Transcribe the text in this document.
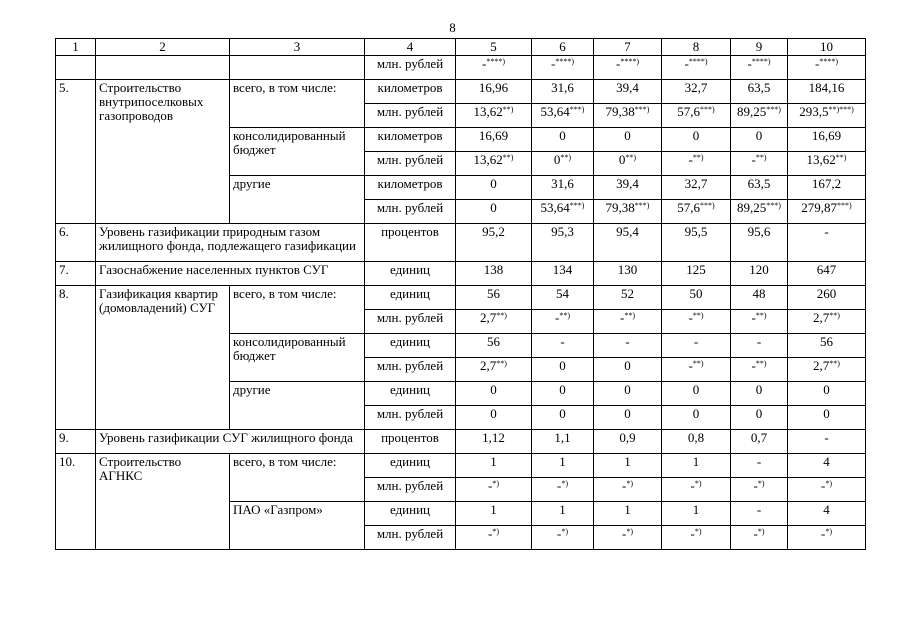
8
1	2	3	4	5	6	7	8	9	10
			млн. рублей	-****)	-****)	-****)	-****)	-****)	-****)
5.	Строительство внутрипоселковых газопроводов	всего, в том числе:	километров	16,96	31,6	39,4	32,7	63,5	184,16
			млн. рублей	13,62**)	53,64***)	79,38***)	57,6***)	89,25***)	293,5**)***)
		консолидированный бюджет	километров	16,69	0	0	0	0	16,69
			млн. рублей	13,62**)	0**)	0**)	-**)	-**)	13,62**)
		другие	километров	0	31,6	39,4	32,7	63,5	167,2
			млн. рублей	0	53,64***)	79,38***)	57,6***)	89,25***)	279,87***)
6.	Уровень газификации природным газом жилищного фонда, подлежащего газификации		процентов	95,2	95,3	95,4	95,5	95,6	-
7.	Газоснабжение населенных пунктов СУГ		единиц	138	134	130	125	120	647
8.	Газификация квартир (домовладений) СУГ	всего, в том числе:	единиц	56	54	52	50	48	260
			млн. рублей	2,7**)	-**)	-**)	-**)	-**)	2,7**)
		консолидированный бюджет	единиц	56	-	-	-	-	56
			млн. рублей	2,7**)	0	0	-**)	-**)	2,7**)
		другие	единиц	0	0	0	0	0	0
			млн. рублей	0	0	0	0	0	0
9.	Уровень газификации СУГ жилищного фонда		процентов	1,12	1,1	0,9	0,8	0,7	-
10.	Строительство АГНКС	всего, в том числе:	единиц	1	1	1	1	-	4
			млн. рублей	-*)	-*)	-*)	-*)	-*)	-*)
		ПАО «Газпром»	единиц	1	1	1	1	-	4
			млн. рублей	-*)	-*)	-*)	-*)	-*)	-*)
